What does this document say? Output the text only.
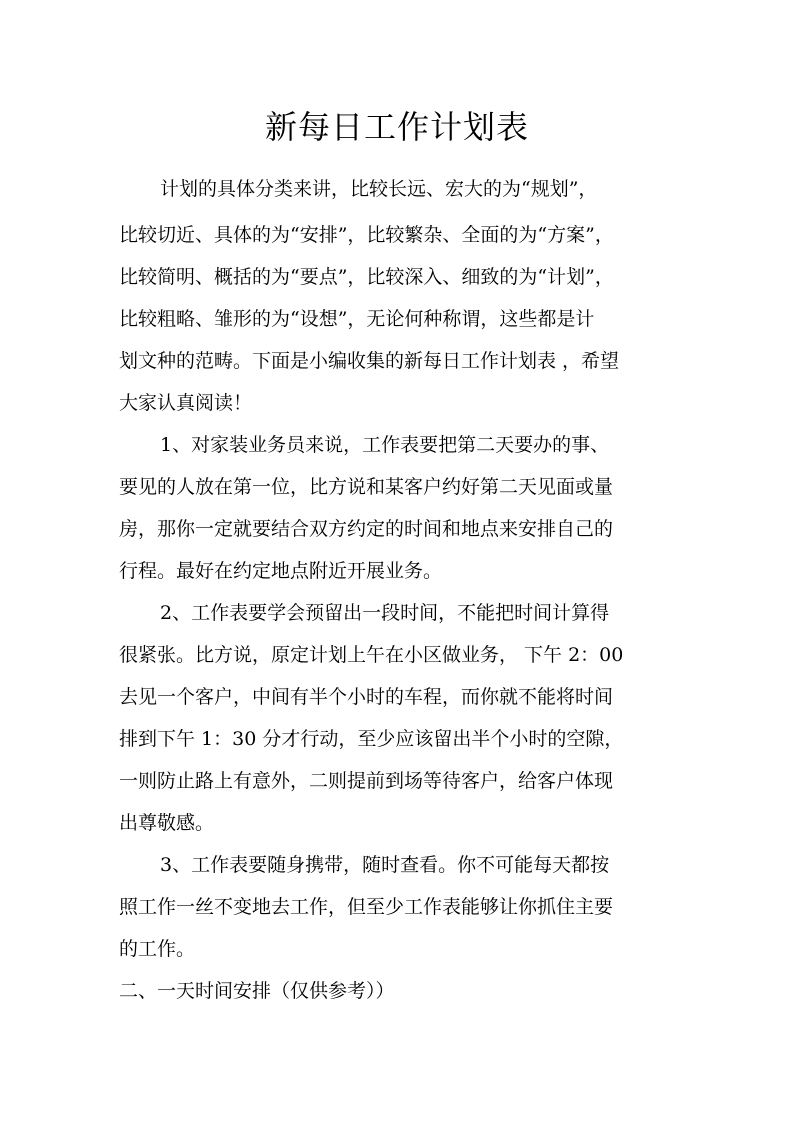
新每日工作计划表

计划的具体分类来讲，比较长远、宏大的为“规划”，

比较切近、具体的为“安排”，比较繁杂、全面的为“方案”，

比较简明、概括的为“要点”，比较深入、细致的为“计划”，

比较粗略、雏形的为“设想”，无论何种称谓，这些都是计

划文种的范畴。下面是小编收集的新每日工作计划表 ，希望

大家认真阅读！

1、对家装业务员来说，工作表要把第二天要办的事、

要见的人放在第一位，比方说和某客户约好第二天见面或量

房，那你一定就要结合双方约定的时间和地点来安排自己的

行程。最好在约定地点附近开展业务。

2、工作表要学会预留出一段时间，不能把时间计算得

很紧张。比方说，原定计划上午在小区做业务， 下午 2：00

去见一个客户，中间有半个小时的车程，而你就不能将时间

排到下午 1：30 分才行动，至少应该留出半个小时的空隙，

一则防止路上有意外，二则提前到场等待客户，给客户体现

出尊敬感。

3、工作表要随身携带，随时查看。你不可能每天都按

照工作一丝不变地去工作，但至少工作表能够让你抓住主要

的工作。

二、一天时间安排（仅供参考））
